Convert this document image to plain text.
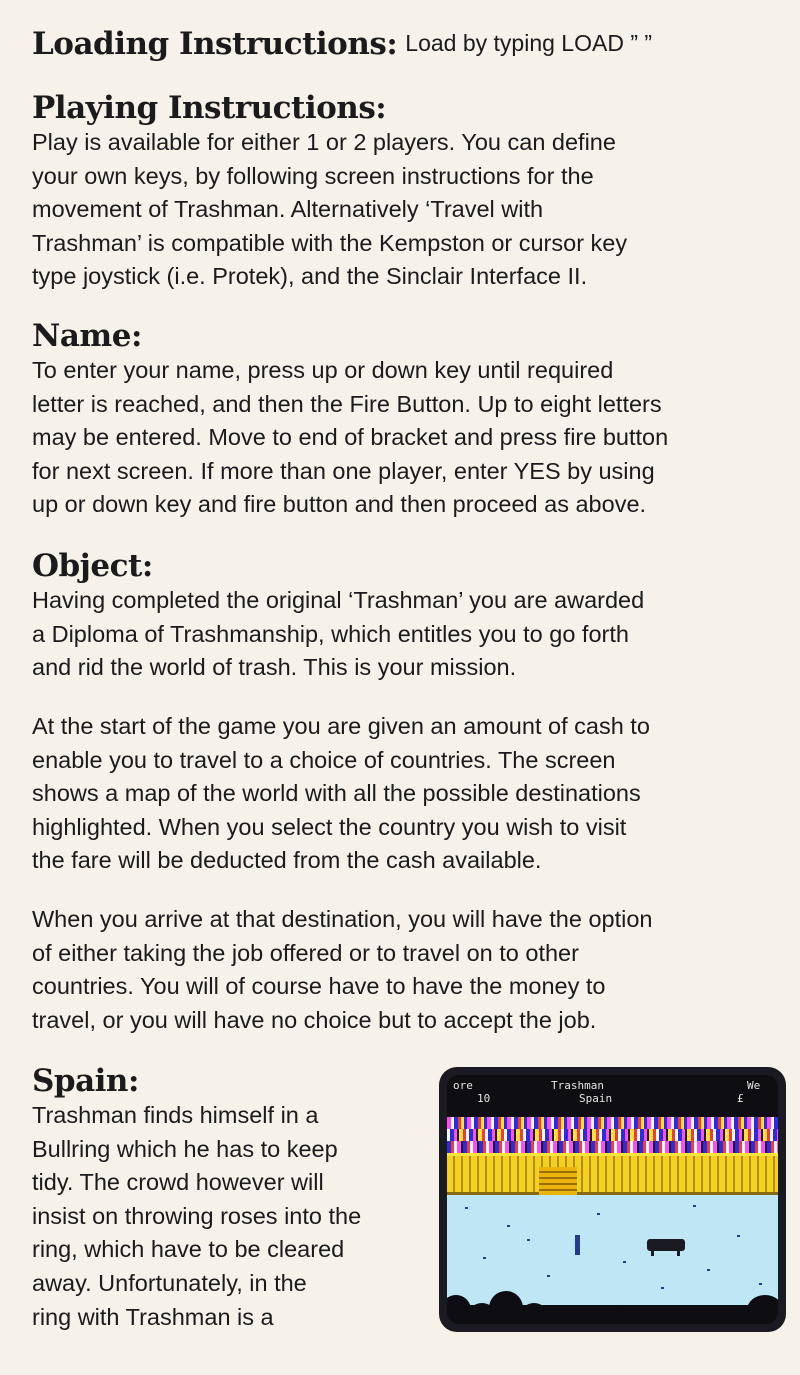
Loading Instructions: Load by typing LOAD ” ”
Playing Instructions:

Play is available for either 1 or 2 players. You can define
your own keys, by following screen instructions for the
movement of Trashman. Alternatively ‘Travel with
Trashman’ is compatible with the Kempston or cursor key
type joystick (i.e. Protek), and the Sinclair Interface II.

Name:

To enter your name, press up or down key until required
letter is reached, and then the Fire Button. Up to eight letters
may be entered. Move to end of bracket and press fire button
for next screen. If more than one player, enter YES by using
up or down key and fire button and then proceed as above.

Object:

Having completed the original ‘Trashman’ you are awarded
a Diploma of Trashmanship, which entitles you to go forth
and rid the world of trash. This is your mission.

At the start of the game you are given an amount of cash to
enable you to travel to a choice of countries. The screen
shows a map of the world with all the possible destinations
highlighted. When you select the country you wish to visit
the fare will be deducted from the cash available.

When you arrive at that destination, you will have the option
of either taking the job offered or to travel on to other
countries. You will of course have to have the money to
travel, or you will have no choice but to accept the job.

Spain:

Trashman finds himself in a
Bullring which he has to keep
tidy. The crowd however will
insist on throwing roses into the
ring, which have to be cleared
away. Unfortunately, in the
ring with Trashman is a

ore
10
Trashman
Spain
We
£
